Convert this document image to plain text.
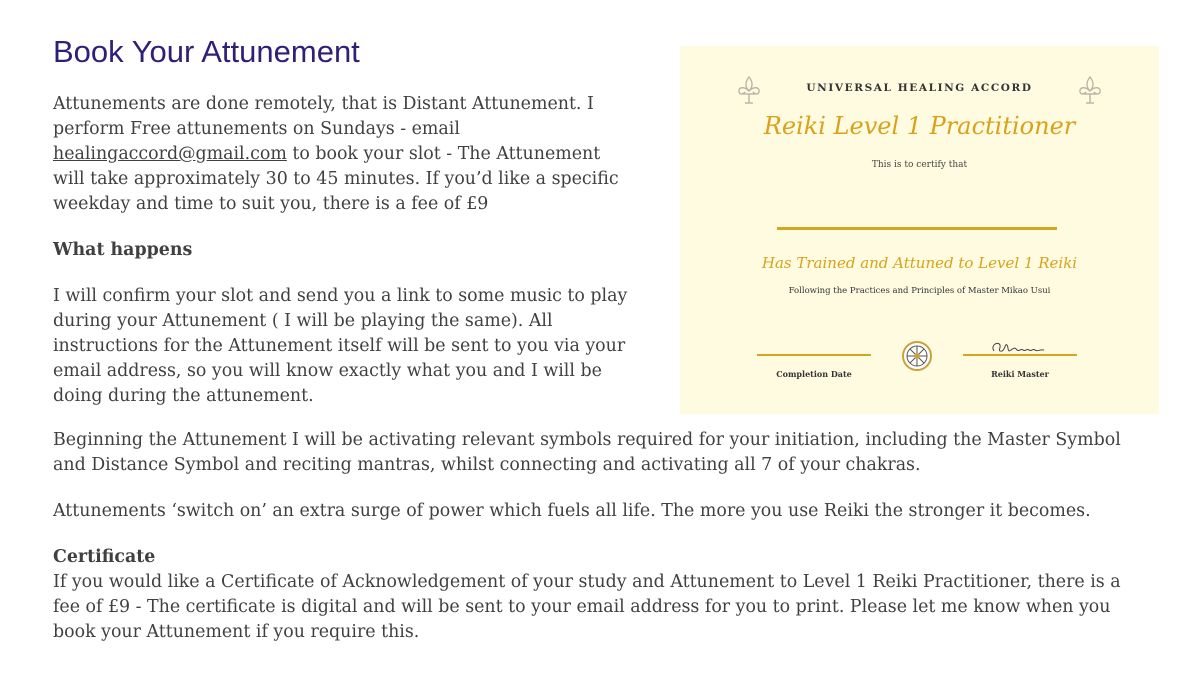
Book Your Attunement

Attunements are done remotely, that is Distant Attunement. I
perform Free attunements on Sundays - email
healingaccord@gmail.com to book your slot - The Attunement
will take approximately 30 to 45 minutes. If you’d like a specific
weekday and time to suit you, there is a fee of £9

What happens

I will confirm your slot and send you a link to some music to play
during your Attunement ( I will be playing the same). All
instructions for the Attunement itself will be sent to you via your
email address, so you will know exactly what you and I will be
doing during the attunement.

Beginning the Attunement I will be activating relevant symbols required for your initiation, including the Master Symbol
and Distance Symbol and reciting mantras, whilst connecting and activating all 7 of your chakras.

Attunements ‘switch on’ an extra surge of power which fuels all life. The more you use Reiki the stronger it becomes.

Certificate

If you would like a Certificate of Acknowledgement of your study and Attunement to Level 1 Reiki Practitioner, there is a
fee of £9 - The certificate is digital and will be sent to your email address for you to print. Please let me know when you
book your Attunement if you require this.

UNIVERSAL HEALING ACCORD
Reiki Level 1 Practitioner
This is to certify that
Has Trained and Attuned to Level 1 Reiki
Following the Practices and Principles of Master Mikao Usui
Completion Date	Reiki Master
